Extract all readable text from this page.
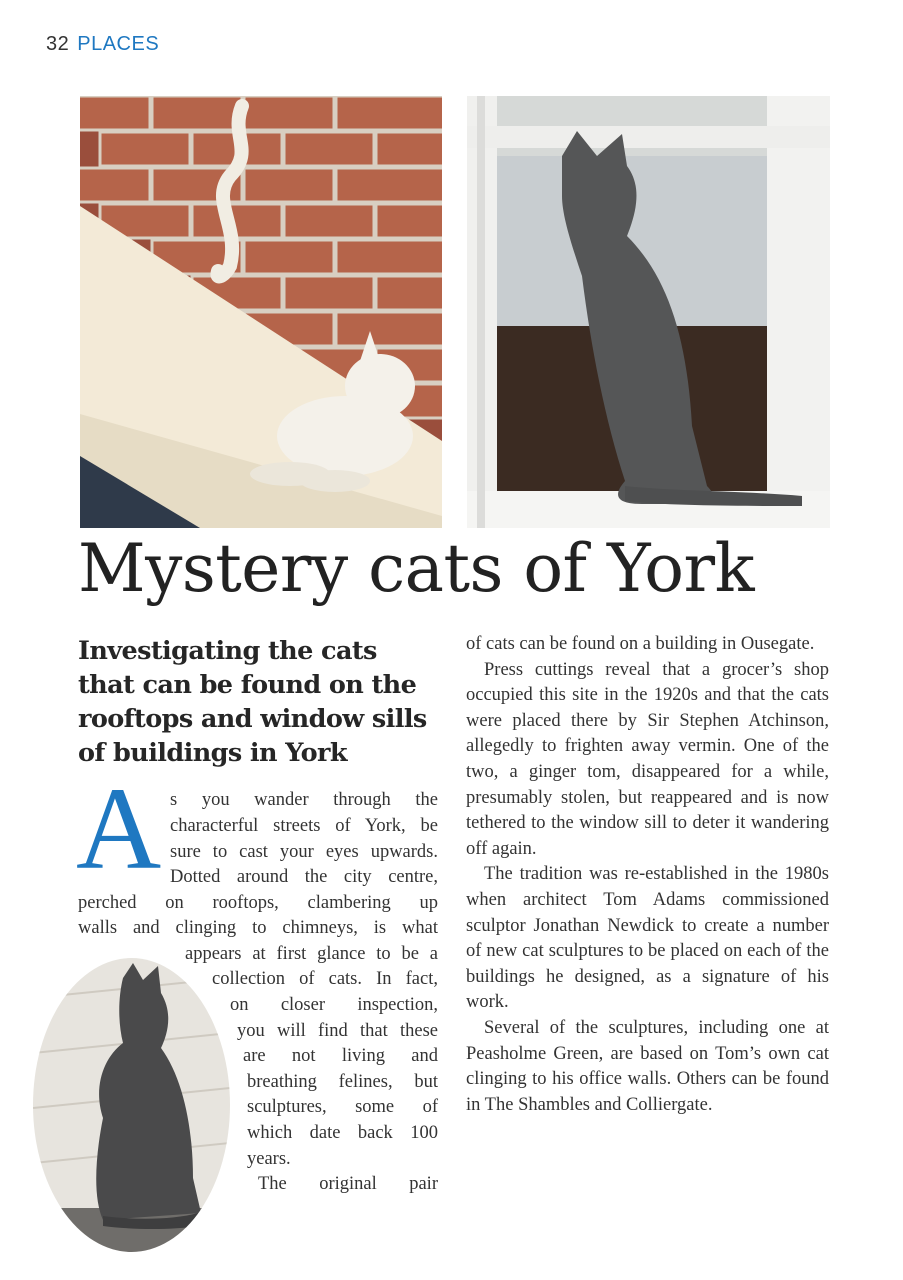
32 PLACES
Mystery cats of York
Investigating the cats that can be found on the rooftops and window sills of buildings in York
A s you wander through the
characterful streets of York, be
sure to cast your eyes upwards.
Dotted around the city centre,
perched on rooftops, clambering up
walls and clinging to chimneys, is what
appears at first glance to be a
collection of cats. In fact,
on closer inspection,
you will find that these
are not living and
breathing felines, but
sculptures, some of
which date back 100
years.
The original pair

of cats can be found on a building in Ousegate.

Press cuttings reveal that a grocer’s shop occupied this site in the 1920s and that the cats were placed there by Sir Stephen Atchinson, allegedly to frighten away vermin. One of the two, a ginger tom, disappeared for a while, presumably stolen, but reappeared and is now tethered to the window sill to deter it wandering off again.

The tradition was re-established in the 1980s when architect Tom Adams commissioned sculptor Jonathan Newdick to create a number of new cat sculptures to be placed on each of the buildings he designed, as a signature of his work.

Several of the sculptures, including one at Peasholme Green, are based on Tom’s own cat clinging to his office walls. Others can be found in The Shambles and Colliergate.
